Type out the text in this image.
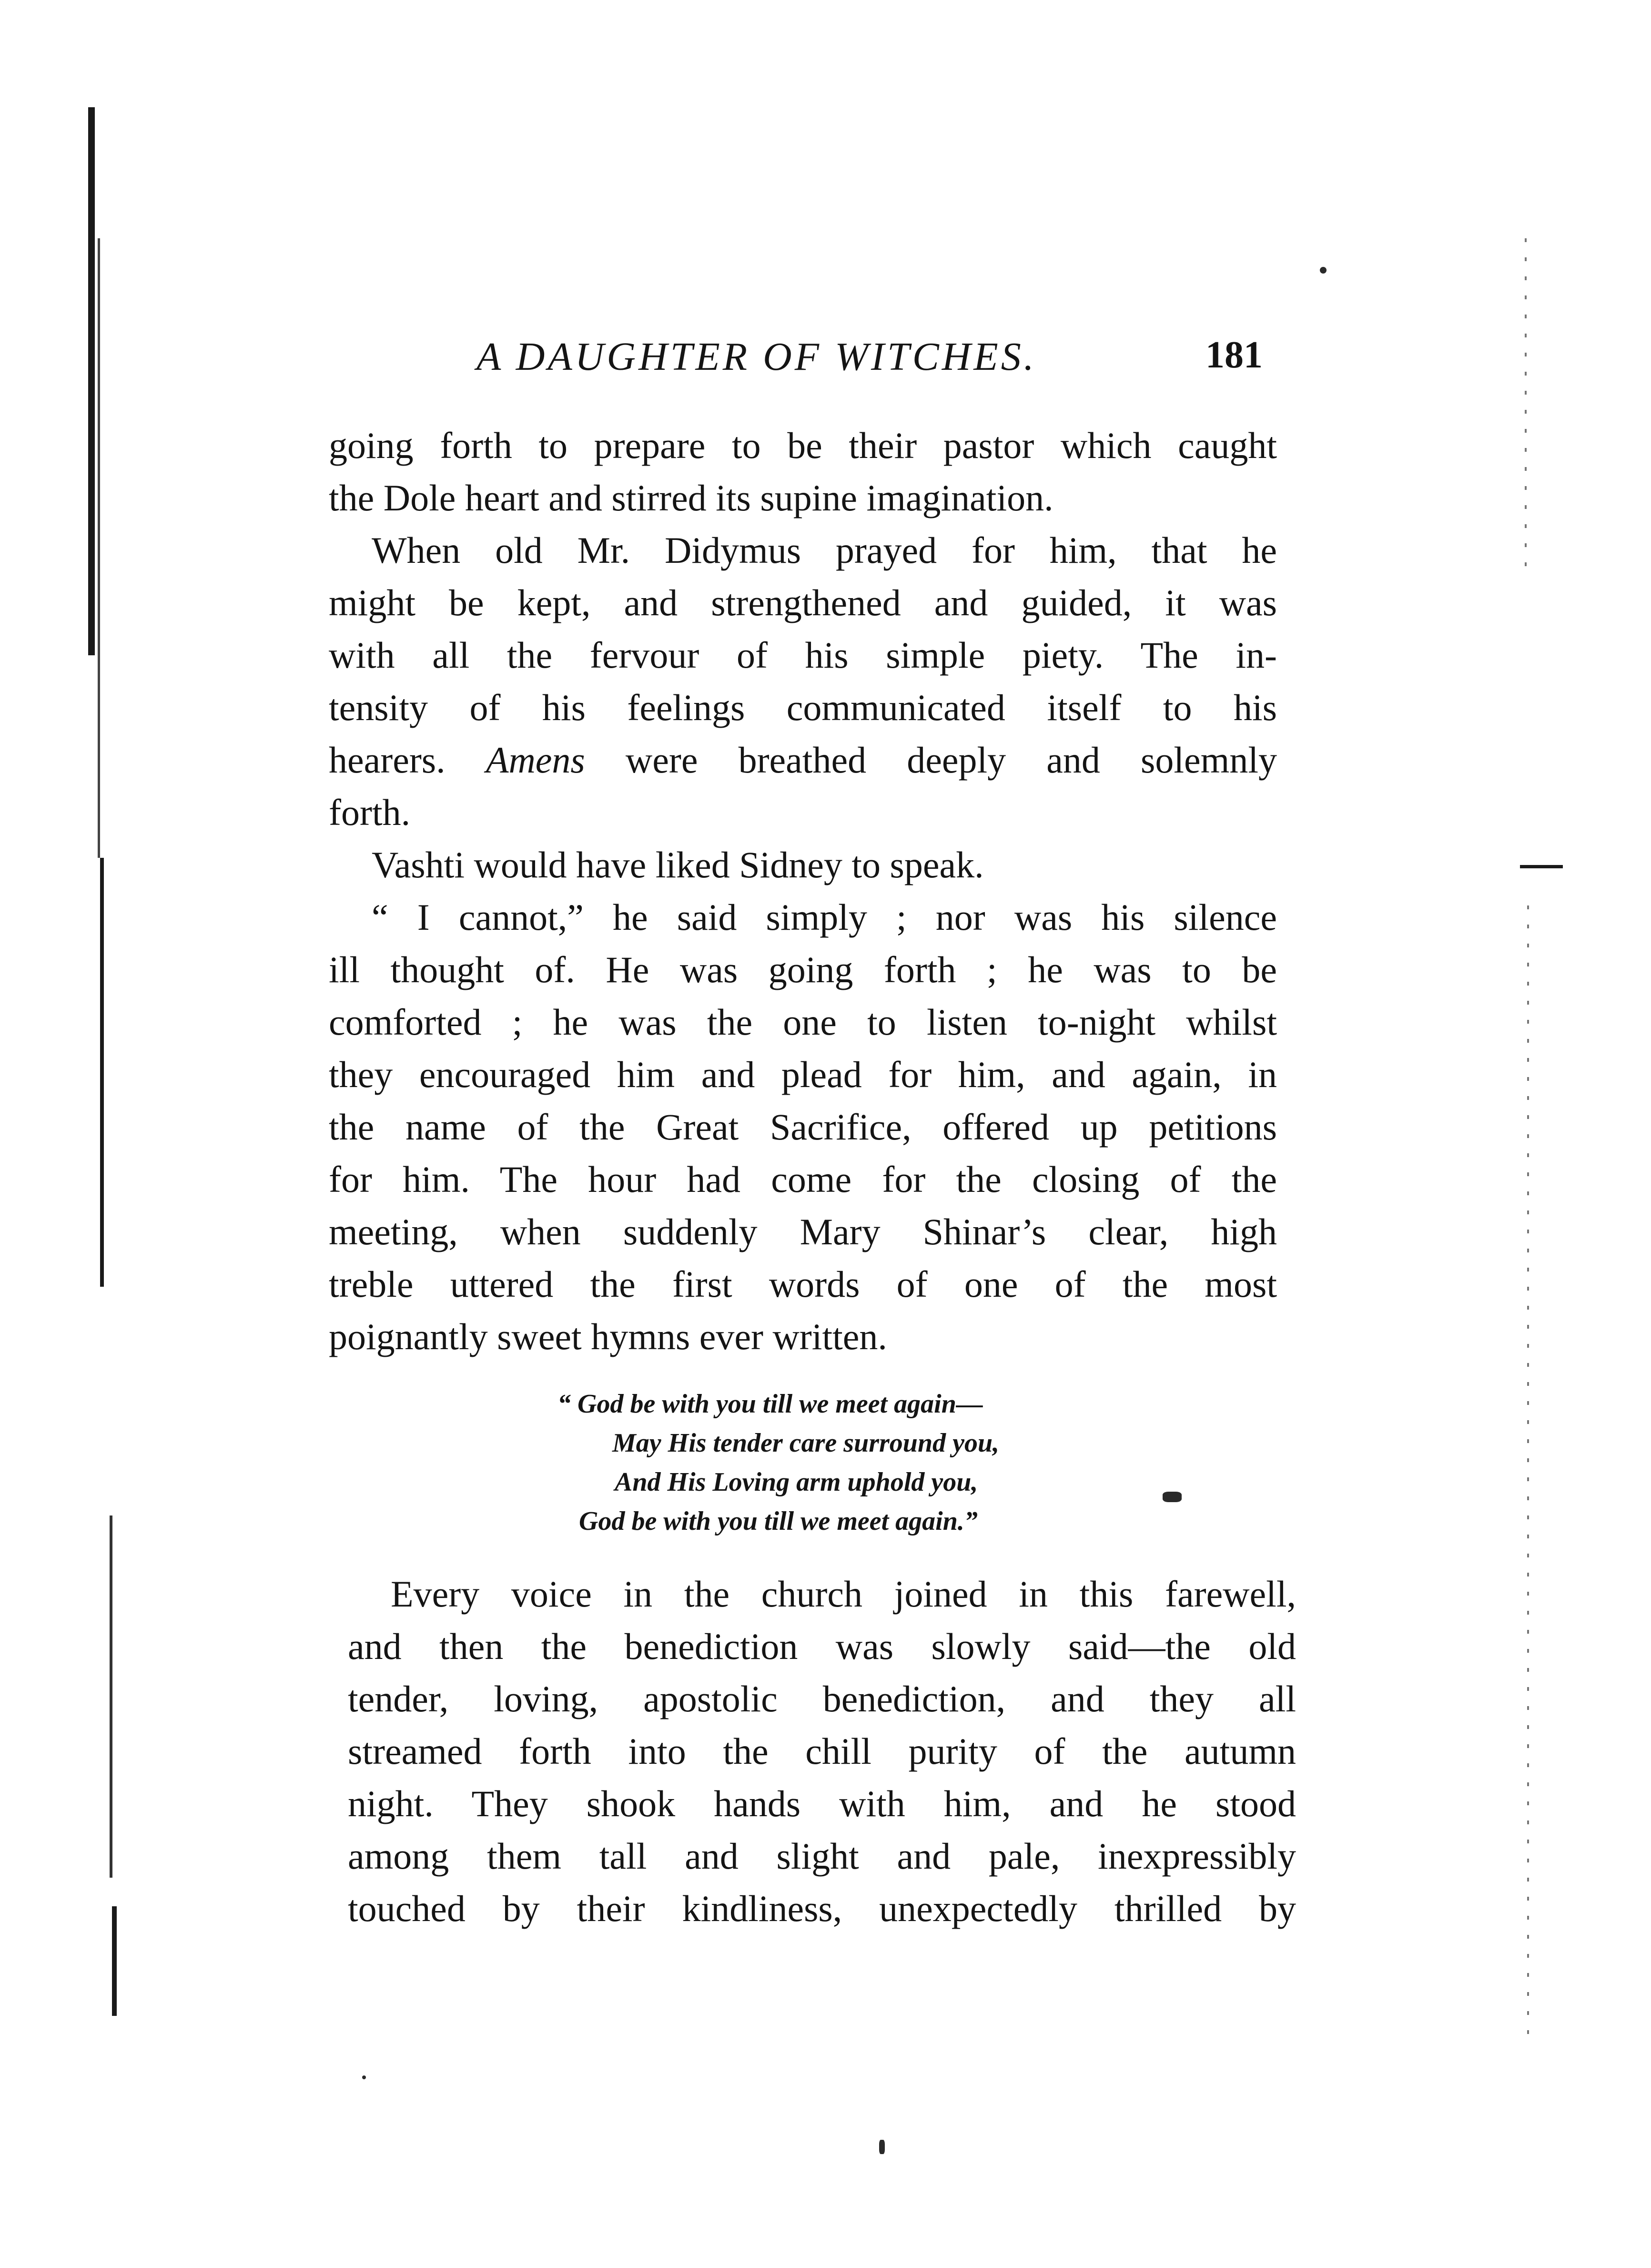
A DAUGHTER OF WITCHES.	181
going forth to prepare to be their pastor which caught
the Dole heart and stirred its supine imagination.
When old Mr. Didymus prayed for him, that he
might be kept, and strengthened and guided, it was
with all the fervour of his simple piety. The in-
tensity of his feelings communicated itself to his
hearers. Amens were breathed deeply and solemnly
forth.
Vashti would have liked Sidney to speak.
“ I cannot,” he said simply ; nor was his silence
ill thought of. He was going forth ; he was to be
comforted ; he was the one to listen to-night whilst
they encouraged him and plead for him, and again, in
the name of the Great Sacrifice, offered up petitions
for him. The hour had come for the closing of the
meeting, when suddenly Mary Shinar’s clear, high
treble uttered the first words of one of the most
poignantly sweet hymns ever written.
“ God be with you till we meet again—
May His tender care surround you,
And His Loving arm uphold you,
God be with you till we meet again.”
Every voice in the church joined in this farewell,
and then the benediction was slowly said—the old
tender, loving, apostolic benediction, and they all
streamed forth into the chill purity of the autumn
night. They shook hands with him, and he stood
among them tall and slight and pale, inexpressibly
touched by their kindliness, unexpectedly thrilled by
